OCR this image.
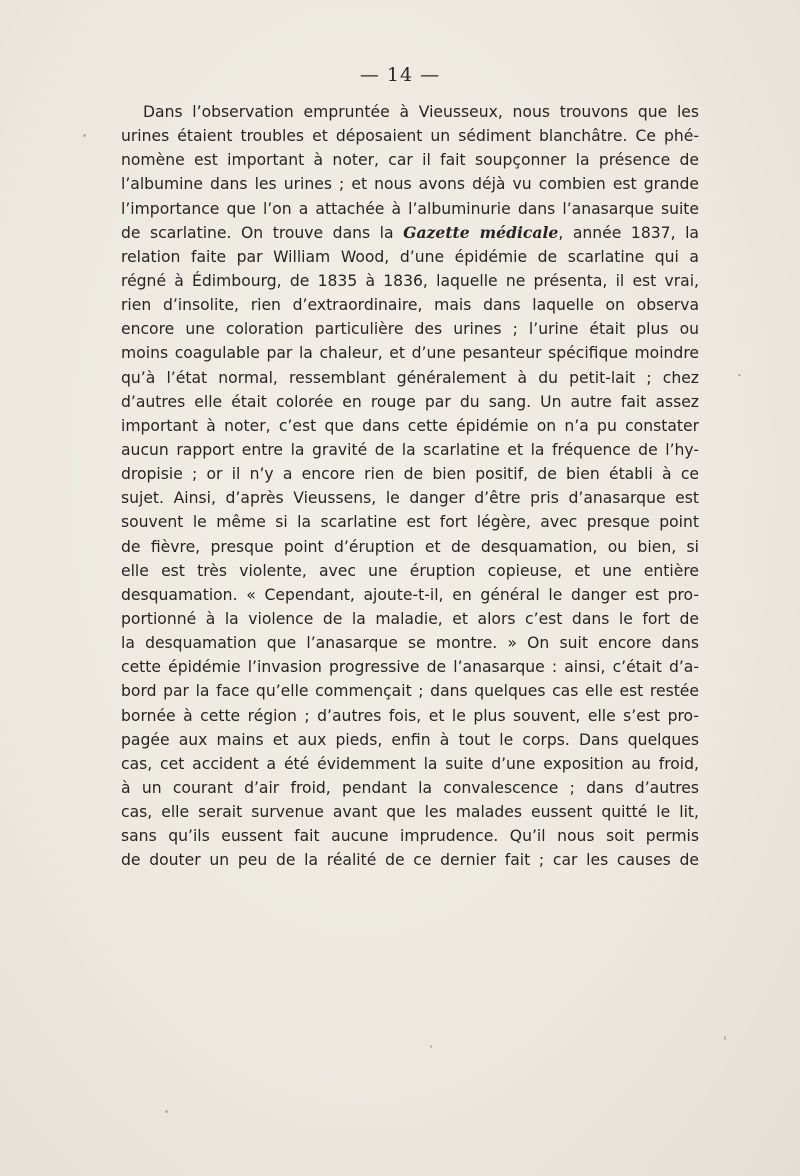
— 14 —
Dans l’observation empruntée à Vieusseux, nous trouvons que les
urines étaient troubles et déposaient un sédiment blanchâtre. Ce phé-
nomène est important à noter, car il fait soupçonner la présence de
l’albumine dans les urines ; et nous avons déjà vu combien est grande
l’importance que l’on a attachée à l’albuminurie dans l’anasarque suite
de scarlatine. On trouve dans la Gazette médicale, année 1837, la
relation faite par William Wood, d’une épidémie de scarlatine qui a
régné à Édimbourg, de 1835 à 1836, laquelle ne présenta, il est vrai,
rien d’insolite, rien d’extraordinaire, mais dans laquelle on observa
encore une coloration particulière des urines ; l’urine était plus ou
moins coagulable par la chaleur, et d’une pesanteur spécifique moindre
qu’à l’état normal, ressemblant généralement à du petit-lait ; chez
d’autres elle était colorée en rouge par du sang. Un autre fait assez
important à noter, c’est que dans cette épidémie on n’a pu constater
aucun rapport entre la gravité de la scarlatine et la fréquence de l’hy-
dropisie ; or il n’y a encore rien de bien positif, de bien établi à ce
sujet. Ainsi, d’après Vieussens, le danger d’être pris d’anasarque est
souvent le même si la scarlatine est fort légère, avec presque point
de fièvre, presque point d’éruption et de desquamation, ou bien, si
elle est très violente, avec une éruption copieuse, et une entière
desquamation. « Cependant, ajoute-t-il, en général le danger est pro-
portionné à la violence de la maladie, et alors c’est dans le fort de
la desquamation que l’anasarque se montre. » On suit encore dans
cette épidémie l’invasion progressive de l’anasarque : ainsi, c’était d’a-
bord par la face qu’elle commençait ; dans quelques cas elle est restée
bornée à cette région ; d’autres fois, et le plus souvent, elle s’est pro-
pagée aux mains et aux pieds, enfin à tout le corps. Dans quelques
cas, cet accident a été évidemment la suite d’une exposition au froid,
à un courant d’air froid, pendant la convalescence ; dans d’autres
cas, elle serait survenue avant que les malades eussent quitté le lit,
sans qu’ils eussent fait aucune imprudence. Qu’il nous soit permis
de douter un peu de la réalité de ce dernier fait ; car les causes de
